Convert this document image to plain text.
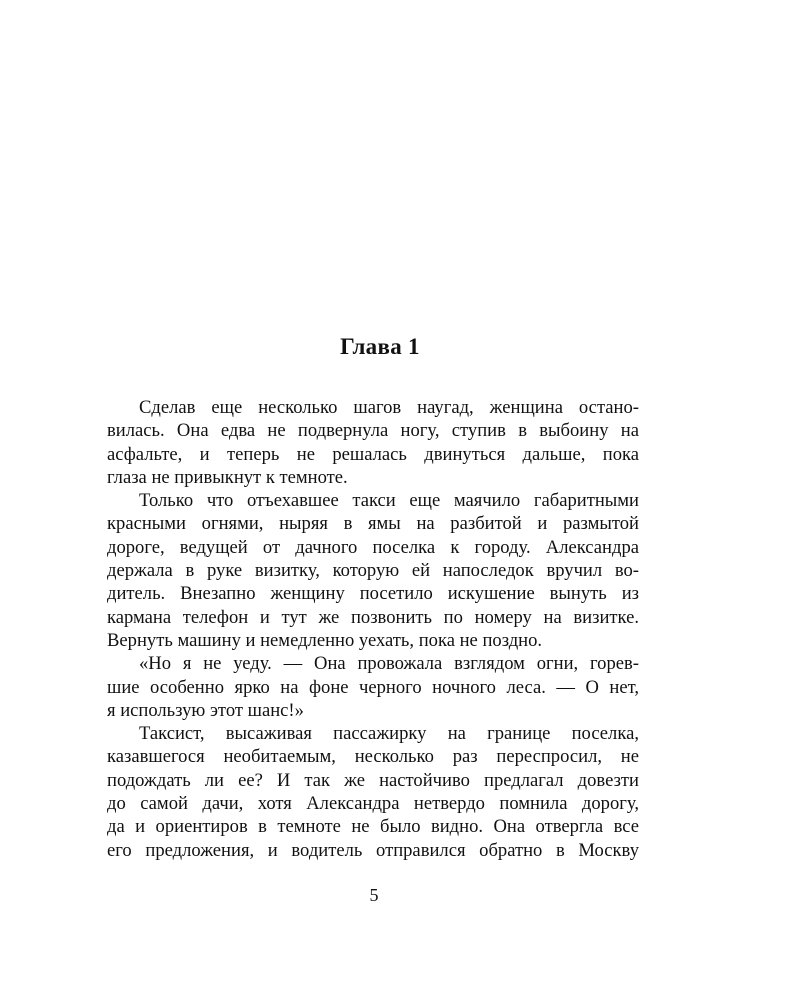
Глава 1
Сделав еще несколько шагов наугад, женщина остано-
вилась. Она едва не подвернула ногу, ступив в выбоину на
асфальте, и теперь не решалась двинуться дальше, пока
глаза не привыкнут к темноте.
Только что отъехавшее такси еще маячило габаритными
красными огнями, ныряя в ямы на разбитой и размытой
дороге, ведущей от дачного поселка к городу. Александра
держала в руке визитку, которую ей напоследок вручил во-
дитель. Внезапно женщину посетило искушение вынуть из
кармана телефон и тут же позвонить по номеру на визитке.
Вернуть машину и немедленно уехать, пока не поздно.
«Но я не уеду. — Она провожала взглядом огни, горев-
шие особенно ярко на фоне черного ночного леса. — О нет,
я использую этот шанс!»
Таксист, высаживая пассажирку на границе поселка,
казавшегося необитаемым, несколько раз переспросил, не
подождать ли ее? И так же настойчиво предлагал довезти
до самой дачи, хотя Александра нетвердо помнила дорогу,
да и ориентиров в темноте не было видно. Она отвергла все
его предложения, и водитель отправился обратно в Москву
5
